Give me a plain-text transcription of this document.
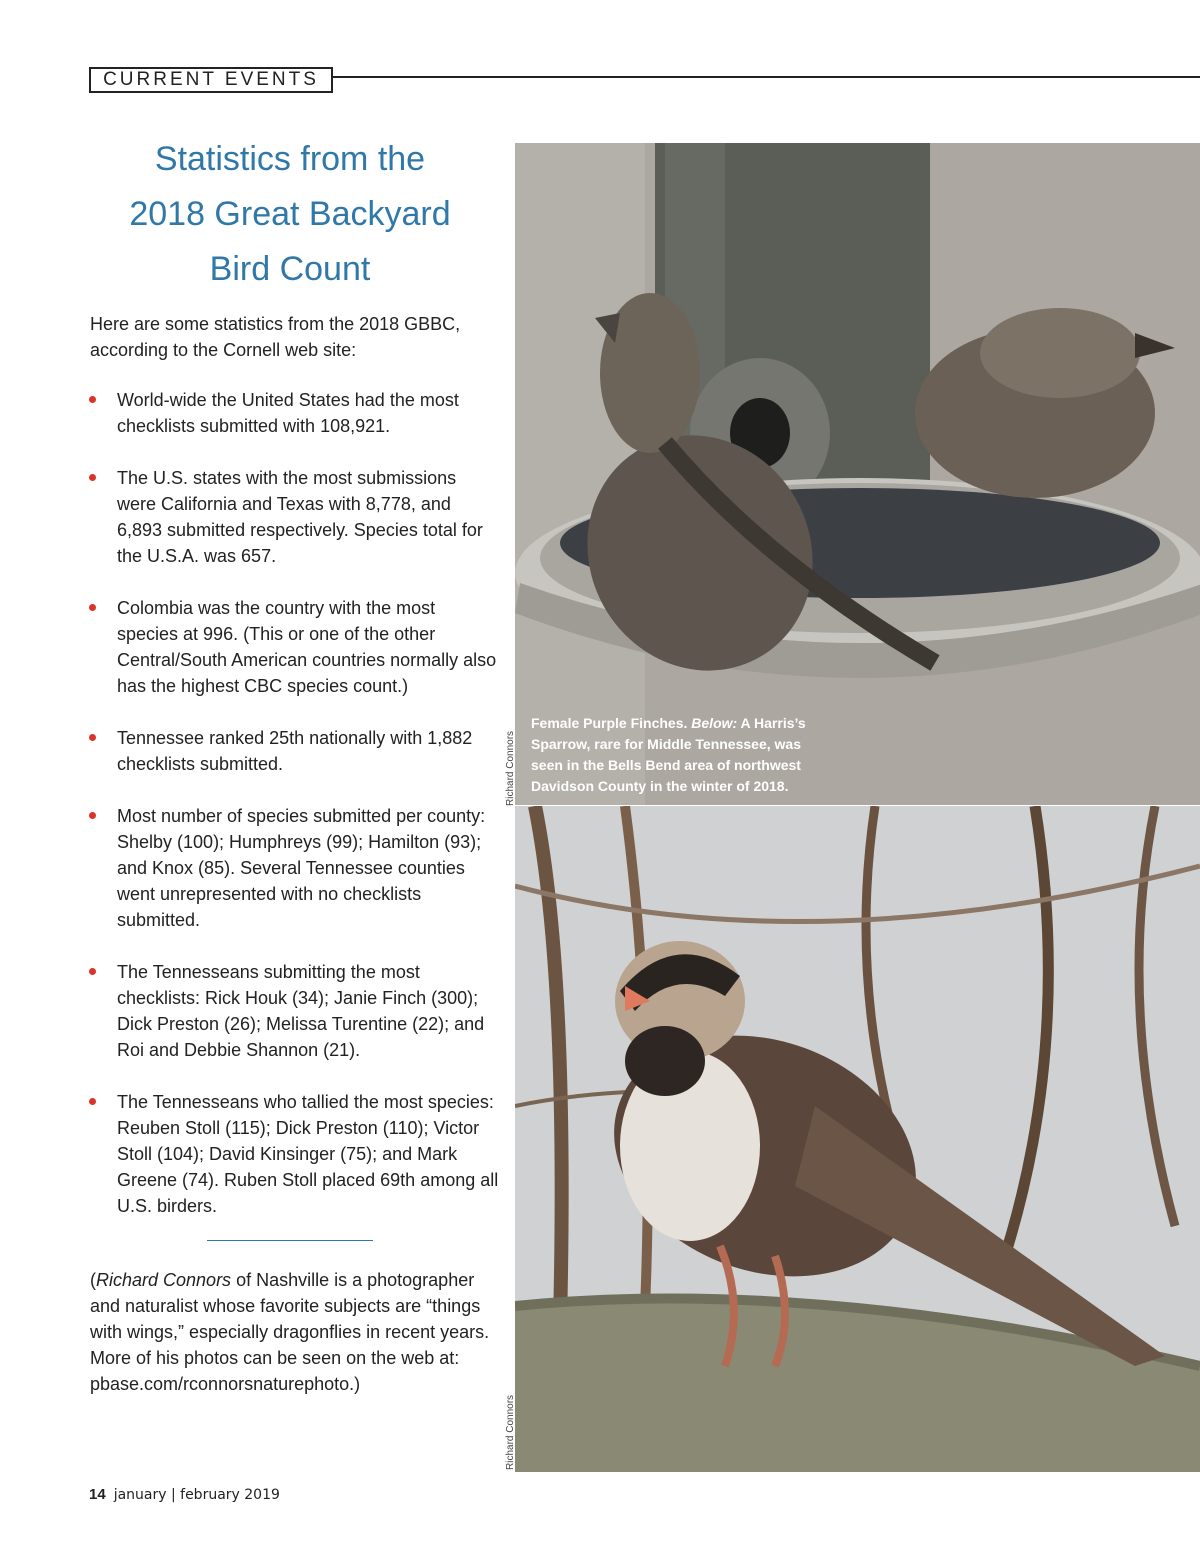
CURRENT EVENTS
Statistics from the
2018 Great Backyard
Bird Count

Here are some statistics from the 2018 GBBC, according to the Cornell web site:

World-wide the United States had the most checklists submitted with 108,921.
The U.S. states with the most submissions were California and Texas with 8,778, and 6,893 submitted respectively. Species total for the U.S.A. was 657.
Colombia was the country with the most species at 996. (This or one of the other Central/South American countries normally also has the highest CBC species count.)
Tennessee ranked 25th nationally with 1,882 checklists submitted.
Most number of species submitted per county: Shelby (100); Humphreys (99); Hamilton (93); and Knox (85). Several Tennessee counties went unrepresented with no checklists submitted.
The Tennesseans submitting the most checklists: Rick Houk (34); Janie Finch (300); Dick Preston (26); Melissa Turentine (22); and Roi and Debbie Shannon (21).
The Tennesseans who tallied the most species: Reuben Stoll (115); Dick Preston (110); Victor Stoll (104); David Kinsinger (75); and Mark Greene (74). Ruben Stoll placed 69th among all U.S. birders.

(Richard Connors of Nashville is a photographer and naturalist whose favorite subjects are “things with wings,” especially dragonflies in recent years. More of his photos can be seen on the web at: pbase.com/rconnorsnaturephoto.)

Female Purple Finches. Below: A Harris’s Sparrow, rare for Middle Tennessee, was seen in the Bells Bend area of northwest Davidson County in the winter of 2018.

Richard Connors
Richard Connors
14 january | february 2019
